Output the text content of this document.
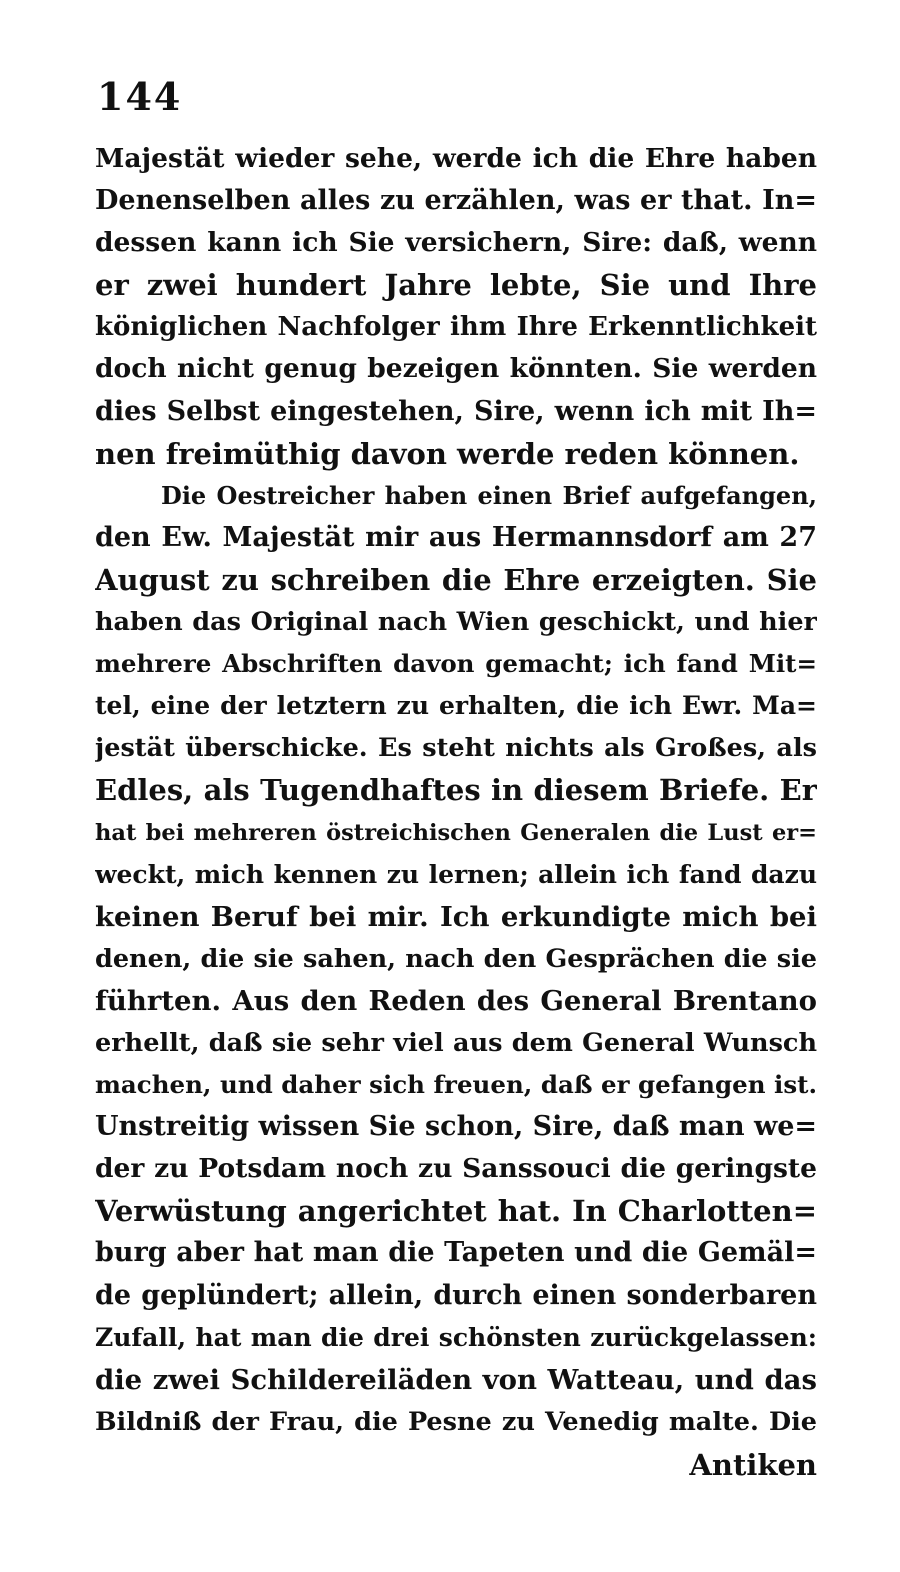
144
Majestät wieder sehe, werde ich die Ehre haben
Denenselben alles zu erzählen, was er that. In=
dessen kann ich Sie versichern, Sire: daß, wenn
er zwei hundert Jahre lebte, Sie und Ihre
königlichen Nachfolger ihm Ihre Erkenntlichkeit
doch nicht genug bezeigen könnten. Sie werden
dies Selbst eingestehen, Sire, wenn ich mit Ih=
nen freimüthig davon werde reden können.
Die Oestreicher haben einen Brief aufgefangen,
den Ew. Majestät mir aus Hermannsdorf am 27
August zu schreiben die Ehre erzeigten. Sie
haben das Original nach Wien geschickt, und hier
mehrere Abschriften davon gemacht; ich fand Mit=
tel, eine der letztern zu erhalten, die ich Ewr. Ma=
jestät überschicke. Es steht nichts als Großes, als
Edles, als Tugendhaftes in diesem Briefe. Er
hat bei mehreren östreichischen Generalen die Lust er=
weckt, mich kennen zu lernen; allein ich fand dazu
keinen Beruf bei mir. Ich erkundigte mich bei
denen, die sie sahen, nach den Gesprächen die sie
führten. Aus den Reden des General Brentano
erhellt, daß sie sehr viel aus dem General Wunsch
machen, und daher sich freuen, daß er gefangen ist.
Unstreitig wissen Sie schon, Sire, daß man we=
der zu Potsdam noch zu Sanssouci die geringste
Verwüstung angerichtet hat. In Charlotten=
burg aber hat man die Tapeten und die Gemäl=
de geplündert; allein, durch einen sonderbaren
Zufall, hat man die drei schönsten zurückgelassen:
die zwei Schildereiläden von Watteau, und das
Bildniß der Frau, die Pesne zu Venedig malte. Die
Antiken
